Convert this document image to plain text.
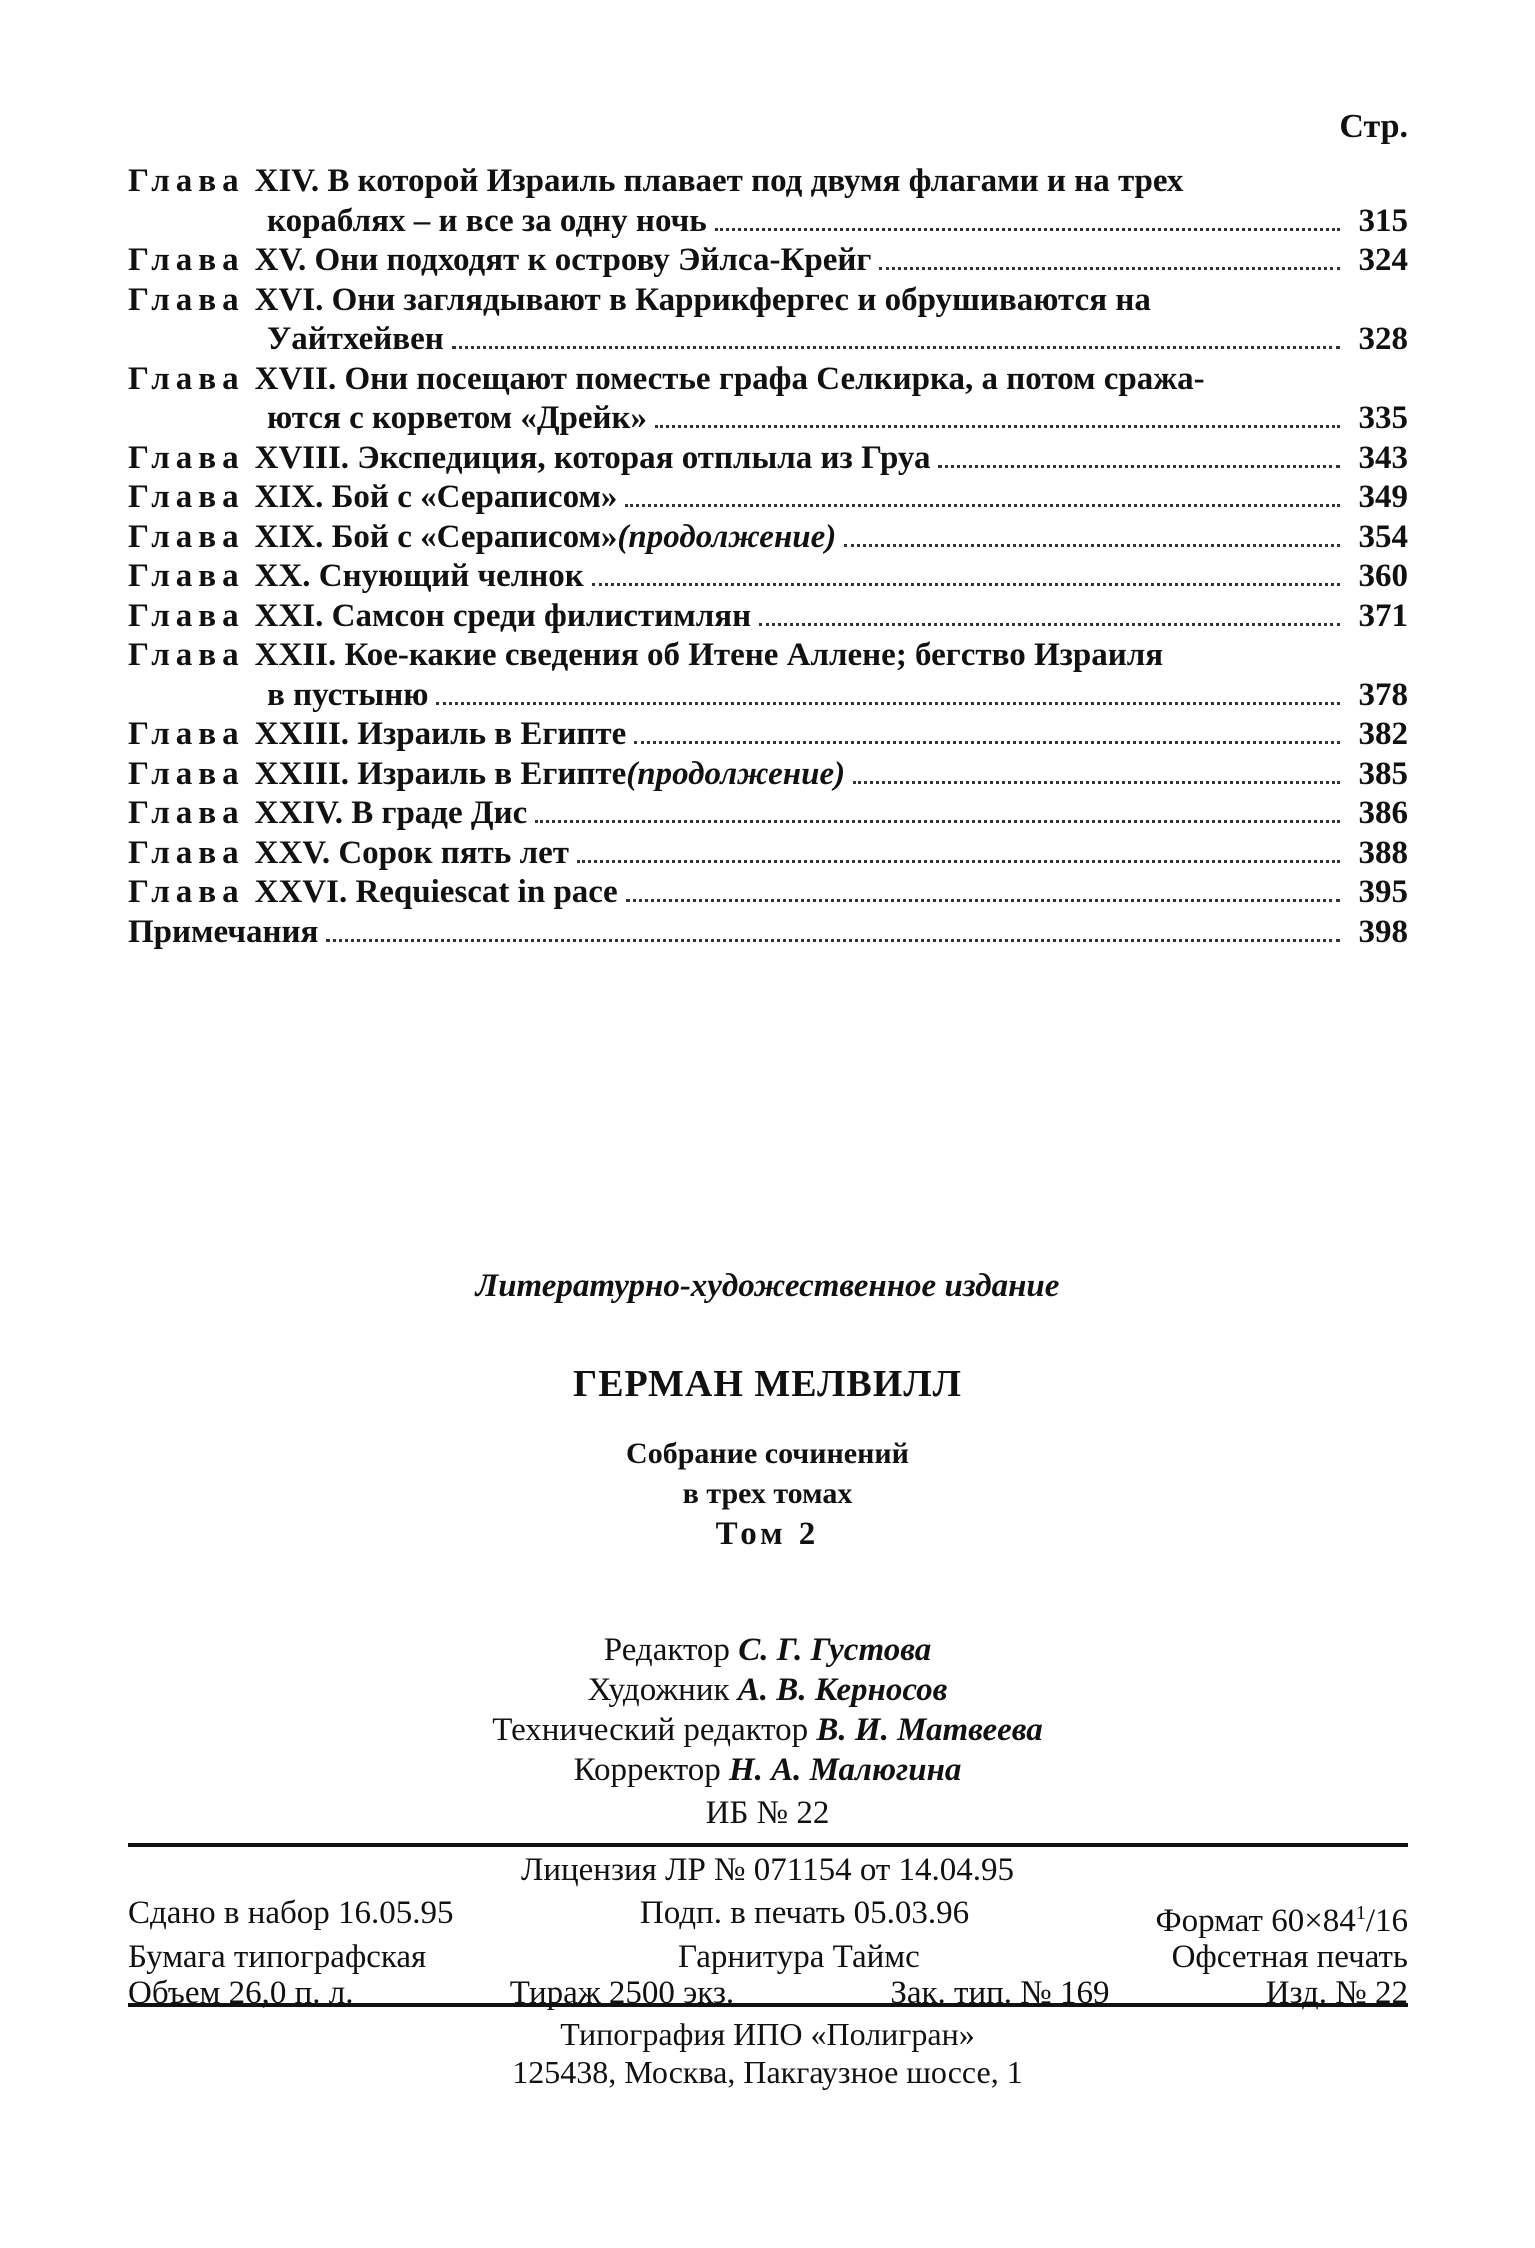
Стр.
Глава XIV. В которой Израиль плавает под двумя флагами и на трех
кораблях – и все за одну ночь	315
Глава XV. Они подходят к острову Эйлса-Крейг	324
Глава XVI. Они заглядывают в Каррикфергес и обрушиваются на
Уайтхейвен	328
Глава XVII. Они посещают поместье графа Селкирка, а потом сража-
ются с корветом «Дрейк»	335
Глава XVIII. Экспедиция, которая отплыла из Груа	343
Глава XIX. Бой с «Сераписом»	349
Глава XIX. Бой с «Сераписом» (продолжение)	354
Глава XX. Снующий челнок	360
Глава XXI. Самсон среди филистимлян	371
Глава XXII. Кое-какие сведения об Итене Аллене; бегство Израиля
в пустыню	378
Глава XXIII. Израиль в Египте	382
Глава XXIII. Израиль в Египте (продолжение)	385
Глава XXIV. В граде Дис	386
Глава XXV. Сорок пять лет	388
Глава XXVI. Requiescat in pace	395
Примечания	398
Литературно-художественное издание
ГЕРМАН МЕЛВИЛЛ
Собрание сочинений
в трех томах
Том 2
Редактор С. Г. Густова
Художник А. В. Керносов
Технический редактор В. И. Матвеева
Корректор Н. А. Малюгина
ИБ № 22
Лицензия ЛР № 071154 от 14.04.95
Сдано в набор 16.05.95	Подп. в печать 05.03.96	Формат $60\times 84^1/16$
Бумага типографская	Гарнитура Таймс	Офсетная печать
Объем 26,0 п. л.	Тираж 2500 экз.	Зак. тип. № 169	Изд. № 22
Типография ИПО «Полигран»
125438, Москва, Пакгаузное шоссе, 1
